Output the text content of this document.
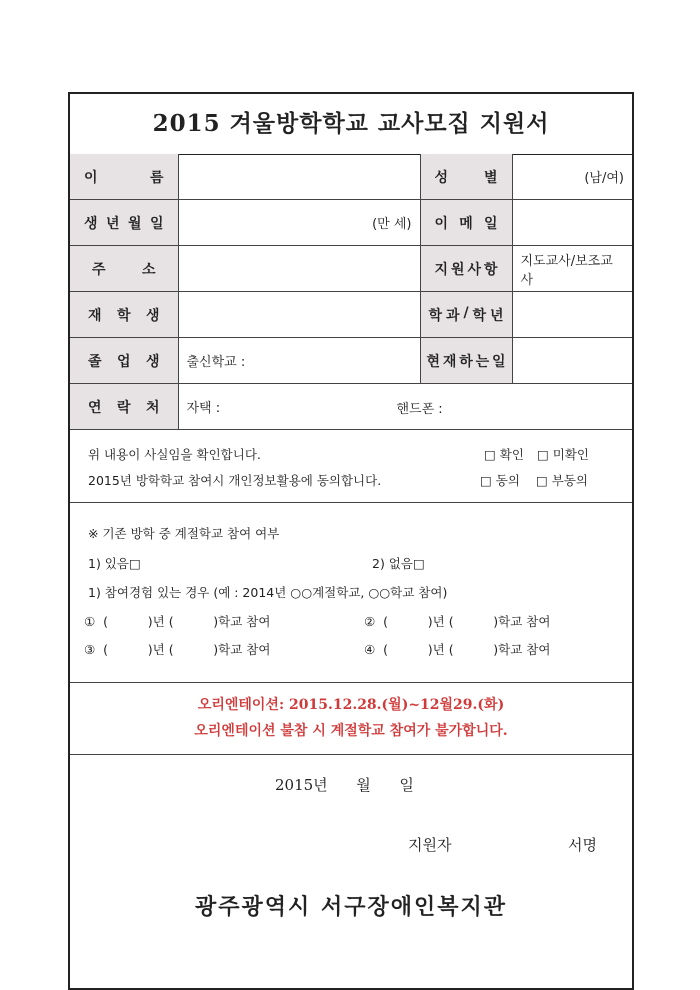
2015 겨울방학학교 교사모집 지원서
이 름		성 별	(남/여)

생 년 월 일	(만 세)	이 메 일	

주 소		지 원 사 항	지도교사/보조교사

재 학 생		학 과 / 학 년	

졸 업 생	출신학교 :	현 재 하 는 일	

연 락 처	자택 : 핸드폰 :		
위 내용이 사실임을 확인합니다.	□ 확인 □ 미확인
2015년 방학학교 참여시 개인정보활용에 동의합니다.	□ 동의 □ 부동의
※ 기존 방학 중 계절학교 참여 여부
1) 있음□	2) 없음□
1) 참여경험 있는 경우 (예 : 2014년 ○○계절학교, ○○학교 참여)
①  (          )년 (          )학교 참여	②  (          )년 (          )학교 참여
③  (          )년 (          )학교 참여	④  (          )년 (          )학교 참여
오리엔테이션: 2015.12.28.(월)~12월29.(화)
오리엔테이션 불참 시 계절학교 참여가 불가합니다.
2015년      월      일
지원자	서명
광주광역시 서구장애인복지관
